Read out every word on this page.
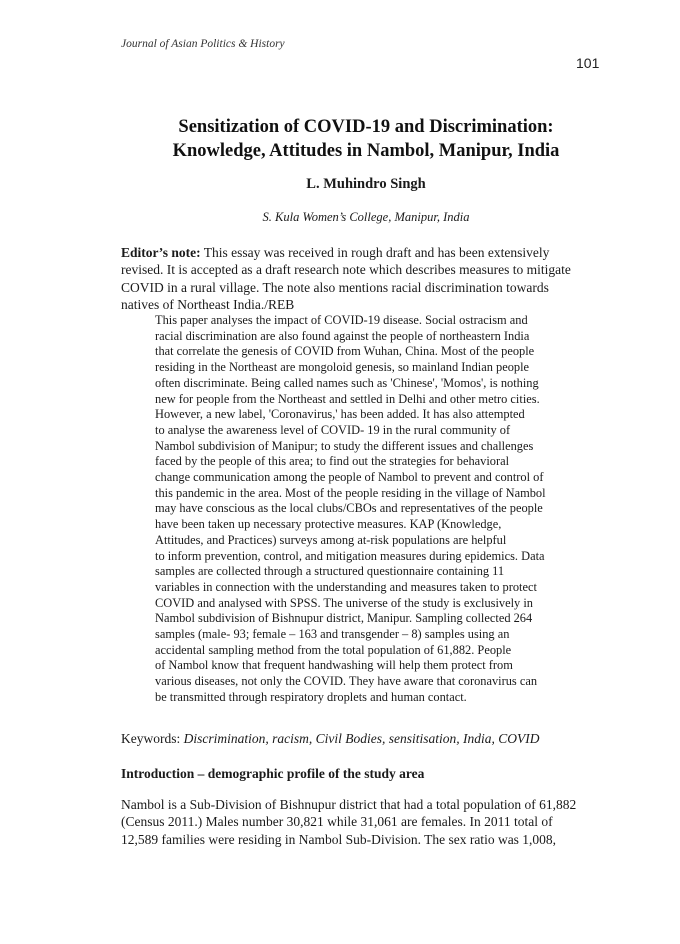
Journal of Asian Politics & History
101
Sensitization of COVID-19 and Discrimination:
Knowledge, Attitudes in Nambol, Manipur, India
L. Muhindro Singh
S. Kula Women’s College, Manipur, India
Editor’s note: This essay was received in rough draft and has been extensively
revised. It is accepted as a draft research note which describes measures to mitigate
COVID in a rural village. The note also mentions racial discrimination towards
natives of Northeast India./REB
This paper analyses the impact of COVID-19 disease. Social ostracism and
racial discrimination are also found against the people of northeastern India
that correlate the genesis of COVID from Wuhan, China. Most of the people
residing in the Northeast are mongoloid genesis, so mainland Indian people
often discriminate. Being called names such as 'Chinese', 'Momos', is nothing
new for people from the Northeast and settled in Delhi and other metro cities.
However, a new label, 'Coronavirus,' has been added. It has also attempted
to analyse the awareness level of COVID- 19 in the rural community of
Nambol subdivision of Manipur; to study the different issues and challenges
faced by the people of this area; to find out the strategies for behavioral
change communication among the people of Nambol to prevent and control of
this pandemic in the area. Most of the people residing in the village of Nambol
may have conscious as the local clubs/CBOs and representatives of the people
have been taken up necessary protective measures. KAP (Knowledge,
Attitudes, and Practices) surveys among at-risk populations are helpful
to inform prevention, control, and mitigation measures during epidemics. Data
samples are collected through a structured questionnaire containing 11
variables in connection with the understanding and measures taken to protect
COVID and analysed with SPSS. The universe of the study is exclusively in
Nambol subdivision of Bishnupur district, Manipur. Sampling collected 264
samples (male- 93; female – 163 and transgender – 8) samples using an
accidental sampling method from the total population of 61,882. People
of Nambol know that frequent handwashing will help them protect from
various diseases, not only the COVID. They have aware that coronavirus can
be transmitted through respiratory droplets and human contact.
Keywords: Discrimination, racism, Civil Bodies, sensitisation, India, COVID
Introduction – demographic profile of the study area
Nambol is a Sub-Division of Bishnupur district that had a total population of 61,882
(Census 2011.) Males number 30,821 while 31,061 are females. In 2011 total of
12,589 families were residing in Nambol Sub-Division. The sex ratio was 1,008,
